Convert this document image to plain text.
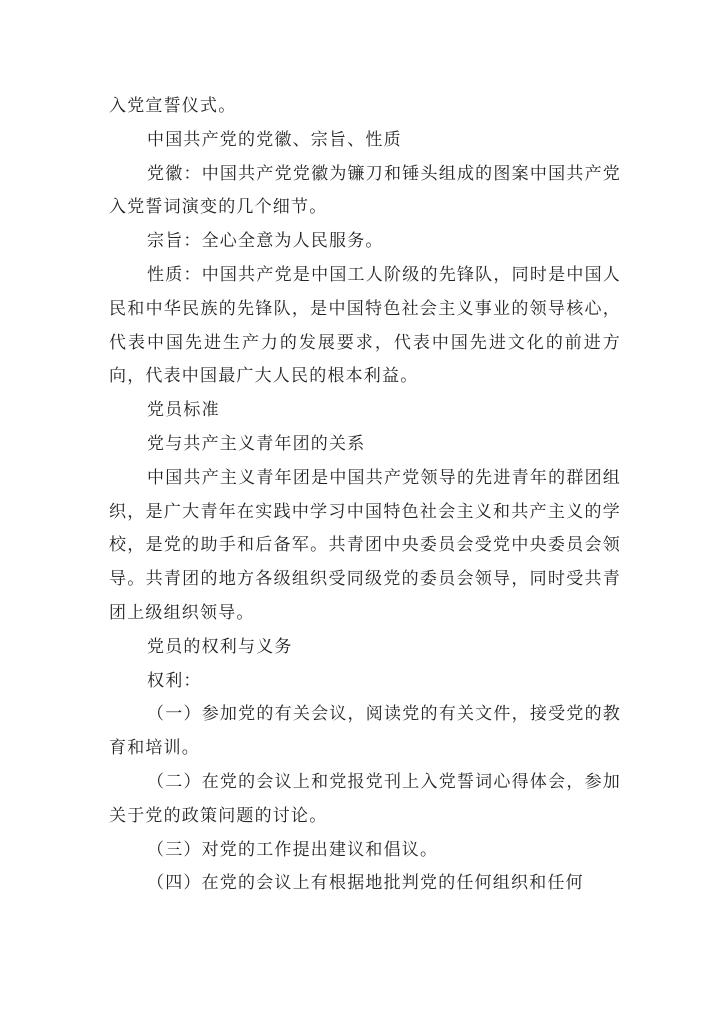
入党宣誓仪式。

中国共产党的党徽、宗旨、性质

党徽：中国共产党党徽为镰刀和锤头组成的图案中国共产党入党誓词演变的几个细节。

宗旨：全心全意为人民服务。

性质：中国共产党是中国工人阶级的先锋队，同时是中国人民和中华民族的先锋队，是中国特色社会主义事业的领导核心，代表中国先进生产力的发展要求，代表中国先进文化的前进方向，代表中国最广大人民的根本利益。

党员标准

党与共产主义青年团的关系

中国共产主义青年团是中国共产党领导的先进青年的群团组织，是广大青年在实践中学习中国特色社会主义和共产主义的学校，是党的助手和后备军。共青团中央委员会受党中央委员会领导。共青团的地方各级组织受同级党的委员会领导，同时受共青团上级组织领导。

党员的权利与义务

权利：

（一）参加党的有关会议，阅读党的有关文件，接受党的教育和培训。

（二）在党的会议上和党报党刊上入党誓词心得体会，参加关于党的政策问题的讨论。

（三）对党的工作提出建议和倡议。

（四）在党的会议上有根据地批判党的任何组织和任何
